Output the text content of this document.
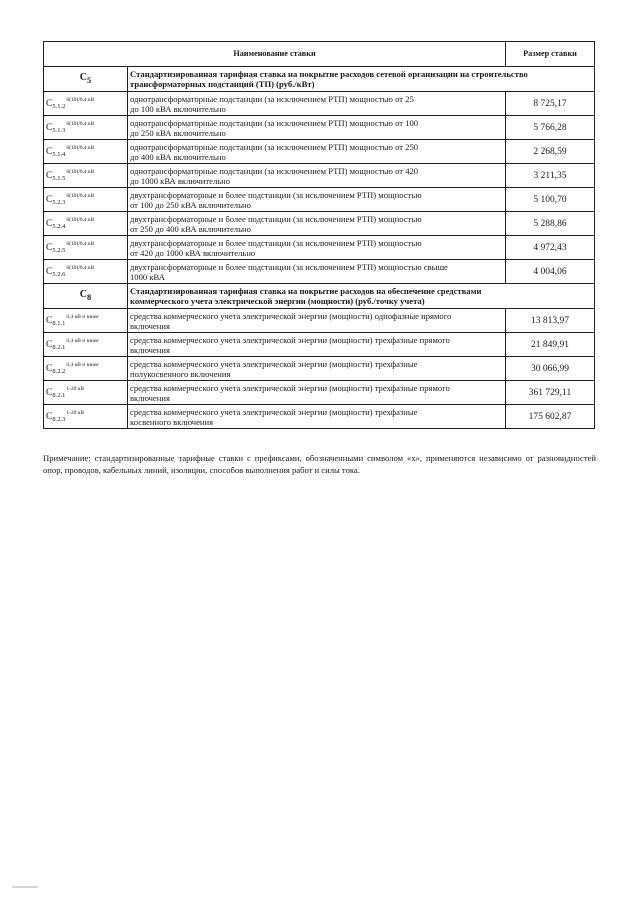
Наименование ставки		Размер ставки
$C_5$	Стандартизированная тарифная ставка на покрытие расходов сетевой организации на строительство
трансформаторных подстанций (ТП) (руб./кВт)	

$C_{5.1.2}^{6(10)/0,4 кВ}$	однотрансформаторные подстанции (за исключением РТП) мощностью от 25
до 100 кВА включительно	8 725,17
$C_{5.1.3}^{6(10)/0,4 кВ}$	однотрансформаторные подстанции (за исключением РТП) мощностью от 100
до 250 кВА включительно	5 766,28
$C_{5.1.4}^{6(10)/0,4 кВ}$	однотрансформаторные подстанции (за исключением РТП) мощностью от 250
до 400 кВА включительно	2 268,59
$C_{5.1.5}^{6(10)/0,4 кВ}$	однотрансформаторные подстанции (за исключением РТП) мощностью от 420
до 1000 кВА включительно	3 211,35
$C_{5.2.3}^{6(10)/0,4 кВ}$	двухтрансформаторные и более подстанции (за исключением РТП) мощностью
от 100 до 250 кВА включительно	5 100,70
$C_{5.2.4}^{6(10)/0,4 кВ}$	двухтрансформаторные и более подстанции (за исключением РТП) мощностью
от 250 до 400 кВА включительно	5 288,86
$C_{5.2.5}^{6(10)/0,4 кВ}$	двухтрансформаторные и более подстанции (за исключением РТП) мощностью
от 420 до 1000 кВА включительно	4 972,43
$C_{5.2.6}^{6(10)/0,4 кВ}$	двухтрансформаторные и более подстанции (за исключением РТП) мощностью свыше
1000 кВА	4 004,06
$C_8$	Стандартизированная тарифная ставка на покрытие расходов на обеспечение средствами
коммерческого учета электрической энергии (мощности) (руб./точку учета)	

$C_{8.1.1}^{0,4 кВ и ниже}$	средства коммерческого учета электрической энергии (мощности) однофазные прямого
включения	13 813,97
$C_{8.2.1}^{0,4 кВ и ниже}$	средства коммерческого учета электрической энергии (мощности) трехфазные прямого
включения	21 849,91
$C_{8.2.2}^{0,4 кВ и ниже}$	средства коммерческого учета электрической энергии (мощности) трехфазные
полукосвенного включения	30 066,99
$C_{8.2.1}^{1-20 кВ}$	средства коммерческого учета электрической энергии (мощности) трехфазные прямого
включения	361 729,11
$C_{8.2.3}^{1-20 кВ}$	средства коммерческого учета электрической энергии (мощности) трехфазные
косвенного включения	175 602,87
Примечание: стандартизированные тарифные ставки с префиксами, обозначенными символом «х», применяются независимо от разновидностей опор, проводов, кабельных линий, изоляции, способов выполнения работ и силы тока.
